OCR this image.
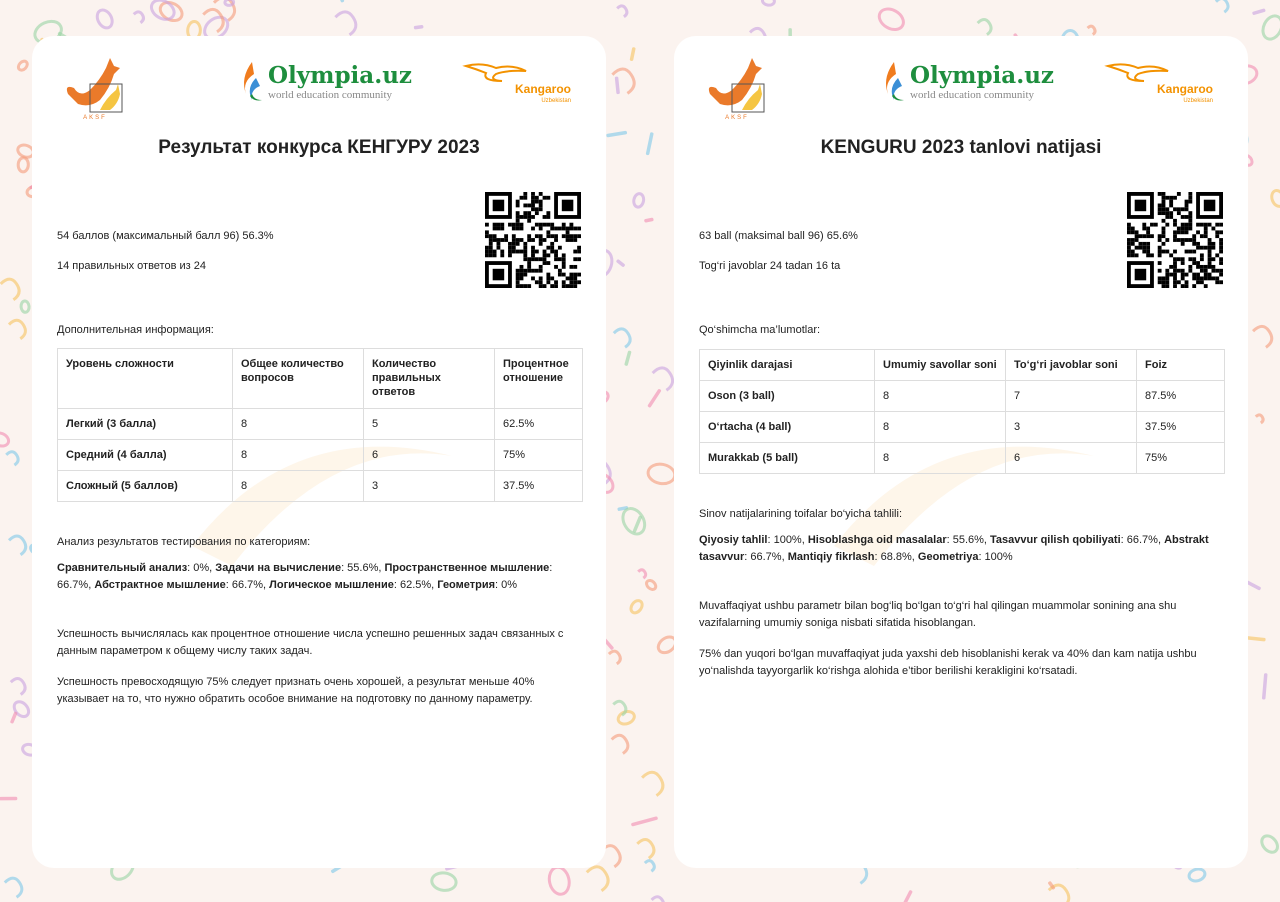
AKSF
Olympia.uz
world education community	Kangaroo
Uzbekistan
Результат конкурса КЕНГУРУ 2023
54 баллов (максимальный балл 96) 56.3%
14 правильных ответов из 24
Дополнительная информация:
Уровень сложности	Общее количество вопросов	Количество правильных ответов	Процентное отношение
Легкий (3 балла)	8	5	62.5%
Средний (4 балла)	8	6	75%
Сложный (5 баллов)	8	3	37.5%
Анализ результатов тестирования по категориям:
Сравнительный анализ: 0%, Задачи на вычисление: 55.6%, Пространственное мышление: 66.7%, Абстрактное мышление: 66.7%, Логическое мышление: 62.5%, Геометрия: 0%
Успешность вычислялась как процентное отношение числа успешно решенных задач связанных с данным параметром к общему числу таких задач.
Успешность превосходящую 75% следует признать очень хорошей, а результат меньше 40% указывает на то, что нужно обратить особое внимание на подготовку по данному параметру.
AKSF
Olympia.uz
world education community	Kangaroo
Uzbekistan
KENGURU 2023 tanlovi natijasi
63 ball (maksimal ball 96) 65.6%
Tog‘ri javoblar 24 tadan 16 ta
Qo‘shimcha ma’lumotlar:
Qiyinlik darajasi	Umumiy savollar soni	To‘g‘ri javoblar soni	Foiz
Oson (3 ball)	8	7	87.5%
O‘rtacha (4 ball)	8	3	37.5%
Murakkab (5 ball)	8	6	75%
Sinov natijalarining toifalar bo‘yicha tahlili:
Qiyosiy tahlil: 100%, Hisoblashga oid masalalar: 55.6%, Tasavvur qilish qobiliyati: 66.7%, Abstrakt tasavvur: 66.7%, Mantiqiy fikrlash: 68.8%, Geometriya: 100%
Muvaffaqiyat ushbu parametr bilan bog‘liq bo‘lgan to‘g‘ri hal qilingan muammolar sonining ana shu vazifalarning umumiy soniga nisbati sifatida hisoblangan.
75% dan yuqori bo‘lgan muvaffaqiyat juda yaxshi deb hisoblanishi kerak va 40% dan kam natija ushbu yo‘nalishda tayyorgarlik ko‘rishga alohida e’tibor berilishi kerakligini ko‘rsatadi.
